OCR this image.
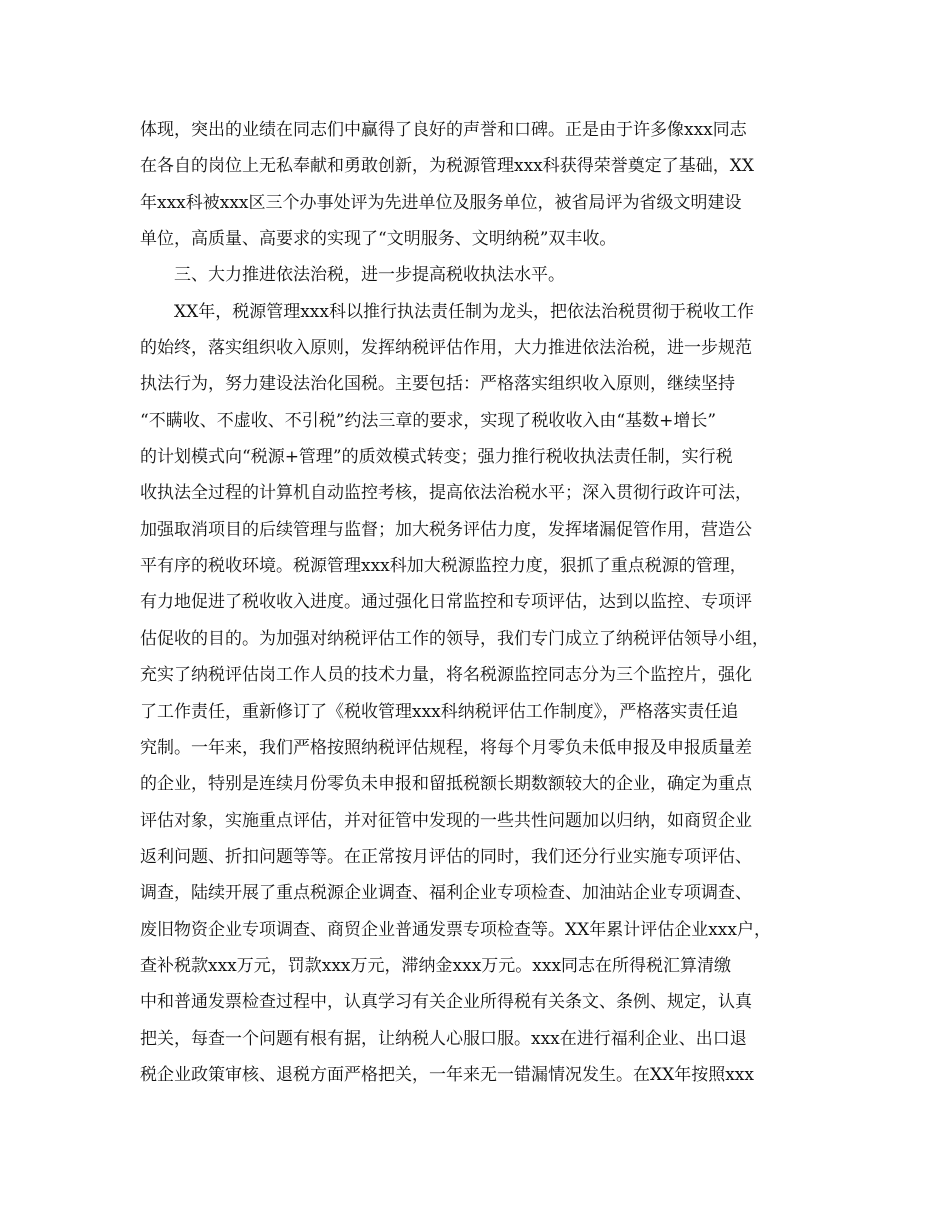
体现，突出的业绩在同志们中赢得了良好的声誉和口碑。正是由于许多像xxx同志
在各自的岗位上无私奉献和勇敢创新，为税源管理xxx科获得荣誉奠定了基础，XX
年xxx科被xxx区三个办事处评为先进单位及服务单位，被省局评为省级文明建设
单位，高质量、高要求的实现了“文明服务、文明纳税”双丰收。
三、大力推进依法治税，进一步提高税收执法水平。
XX年，税源管理xxx科以推行执法责任制为龙头，把依法治税贯彻于税收工作
的始终，落实组织收入原则，发挥纳税评估作用，大力推进依法治税，进一步规范
执法行为，努力建设法治化国税。主要包括：严格落实组织收入原则，继续坚持
“不瞒收、不虚收、不引税”约法三章的要求，实现了税收收入由“基数+增长”
的计划模式向“税源+管理”的质效模式转变；强力推行税收执法责任制，实行税
收执法全过程的计算机自动监控考核，提高依法治税水平；深入贯彻行政许可法，
加强取消项目的后续管理与监督；加大税务评估力度，发挥堵漏促管作用，营造公
平有序的税收环境。税源管理xxx科加大税源监控力度，狠抓了重点税源的管理，
有力地促进了税收收入进度。通过强化日常监控和专项评估，达到以监控、专项评
估促收的目的。为加强对纳税评估工作的领导，我们专门成立了纳税评估领导小组，
充实了纳税评估岗工作人员的技术力量，将名税源监控同志分为三个监控片，强化
了工作责任，重新修订了《税收管理xxx科纳税评估工作制度》，严格落实责任追
究制。一年来，我们严格按照纳税评估规程，将每个月零负未低申报及申报质量差
的企业，特别是连续月份零负未申报和留抵税额长期数额较大的企业，确定为重点
评估对象，实施重点评估，并对征管中发现的一些共性问题加以归纳，如商贸企业
返利问题、折扣问题等等。在正常按月评估的同时，我们还分行业实施专项评估、
调查，陆续开展了重点税源企业调查、福利企业专项检查、加油站企业专项调查、
废旧物资企业专项调查、商贸企业普通发票专项检查等。XX年累计评估企业xxx户，
查补税款xxx万元，罚款xxx万元，滞纳金xxx万元。xxx同志在所得税汇算清缴
中和普通发票检查过程中，认真学习有关企业所得税有关条文、条例、规定，认真
把关，每查一个问题有根有据，让纳税人心服口服。xxx在进行福利企业、出口退
税企业政策审核、退税方面严格把关，一年来无一错漏情况发生。在XX年按照xxx
